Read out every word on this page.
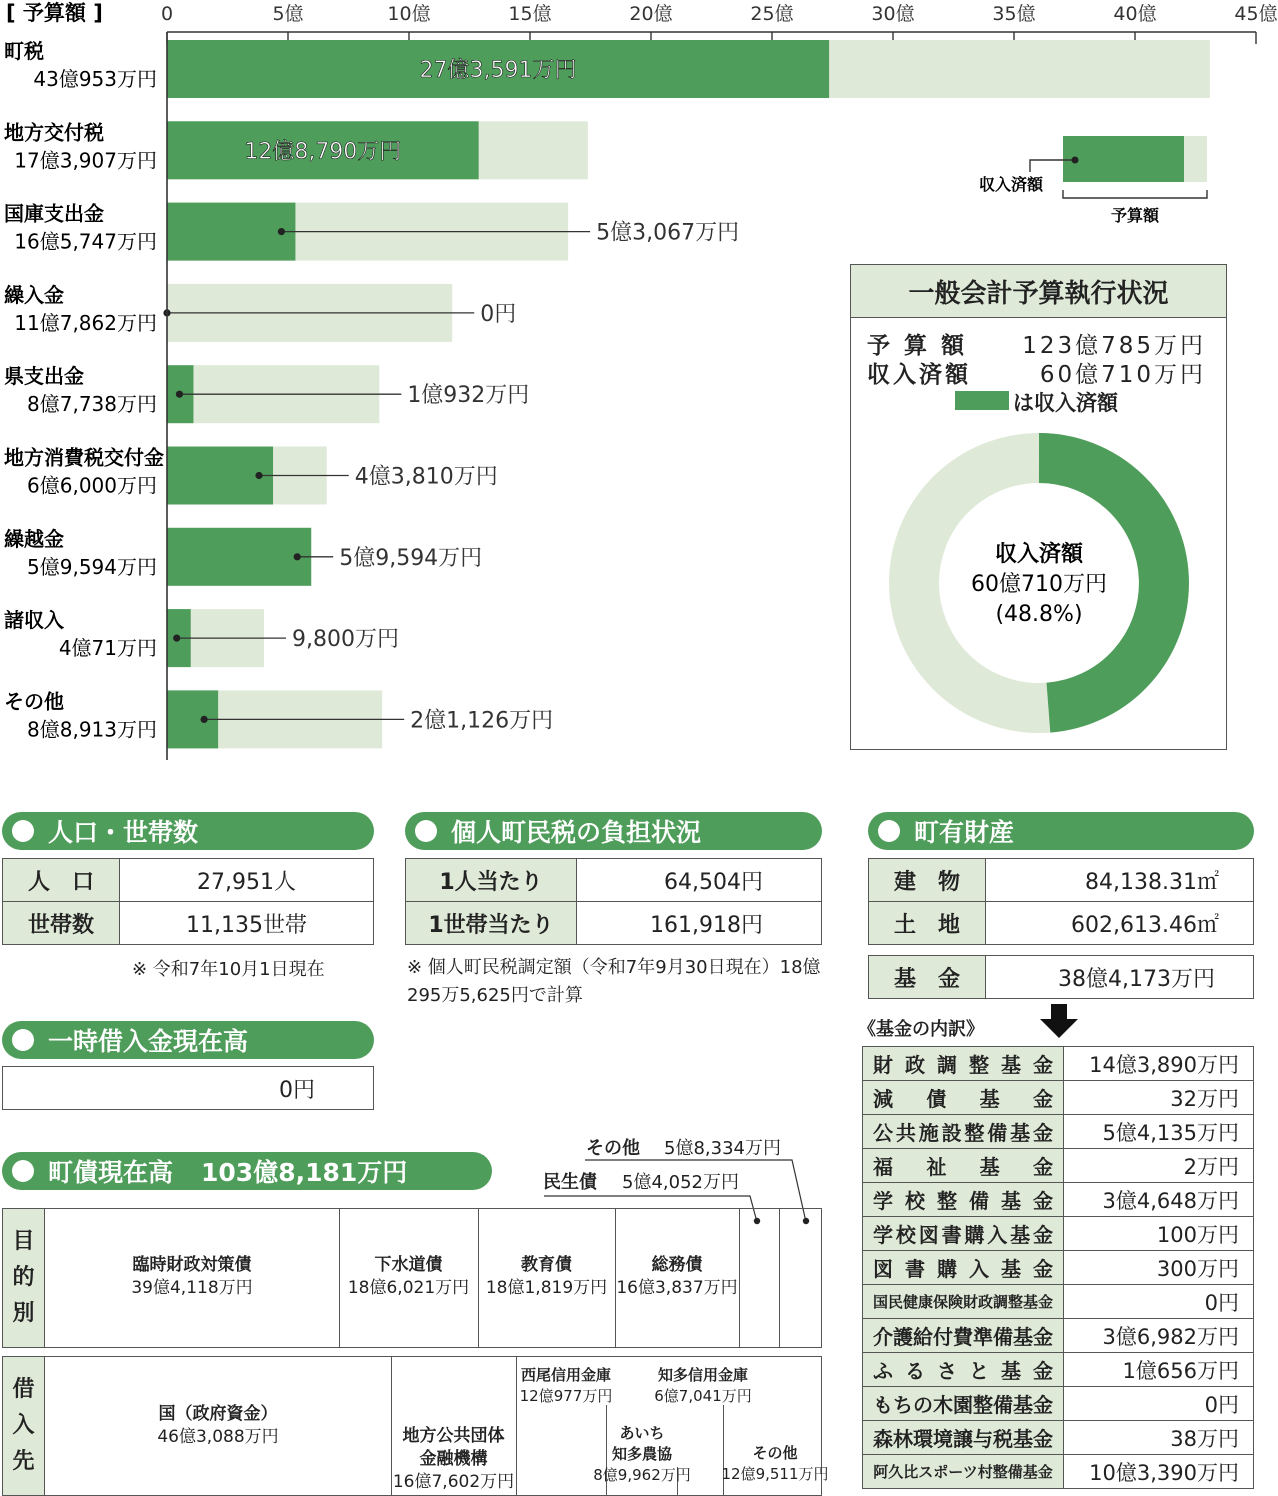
[ 予算額 ]	0	5億	10億	15億	20億	25億	30億	35億	40億	45億
町税
43億953万円	27億3,591万円
地方交付税
17億3,907万円	12億8,790万円
国庫支出金
16億5,747万円	5億3,067万円
繰入金
11億7,862万円	0円
県支出金
8億7,738万円	1億932万円
地方消費税交付金
6億6,000万円	4億3,810万円
繰越金
5億9,594万円	5億9,594万円
諸収入
4億71万円	9,800万円
その他
8億8,913万円	2億1,126万円
収入済額
予算額
一般会計予算執行状況
予 算 額 123億785万円
収入済額	60億710万円
は収入済額
収入済額
60億710万円
(48.8%)
人口・世帯数
人　口	27,951人
世帯数	11,135世帯
※ 令和7年10月1日現在
個人町民税の負担状況
1人当たり	64,504円
1世帯当たり	161,918円
※ 個人町民税調定額（令和7年9月30日現在）18億295万5,625円で計算
町有財産
建　物	84,138.31㎡
土　地	602,613.46㎡
基　金	38億4,173万円
《基金の内訳》
財政調整基金	14億3,890万円
減債基金	32万円
公共施設整備基金	5億4,135万円
福祉基金	2万円
学校整備基金	3億4,648万円
学校図書購入基金	100万円
図書購入基金	300万円
国民健康保険財政調整基金	0円
介護給付費準備基金	3億6,982万円
ふるさと基金	1億656万円
もちの木園整備基金	0円
森林環境譲与税基金	38万円
阿久比スポーツ村整備基金	10億3,390万円
一時借入金現在高
0円
町債現在高 103億8,181万円	民生債 5億4,052万円
その他 5億8,334万円
目
的
別
臨時財政対策債
39億4,118万円
下水道債
18億6,021万円
教育債
18億1,819万円
総務債
16億3,837万円
借
入
先
国（政府資金）
46億3,088万円	地方公共団体
金融機構
16億7,602万円
西尾信用金庫
12億977万円
あいち
知多農協
8億9,962万円
知多信用金庫
6億7,041万円
その他
12億9,511万円
